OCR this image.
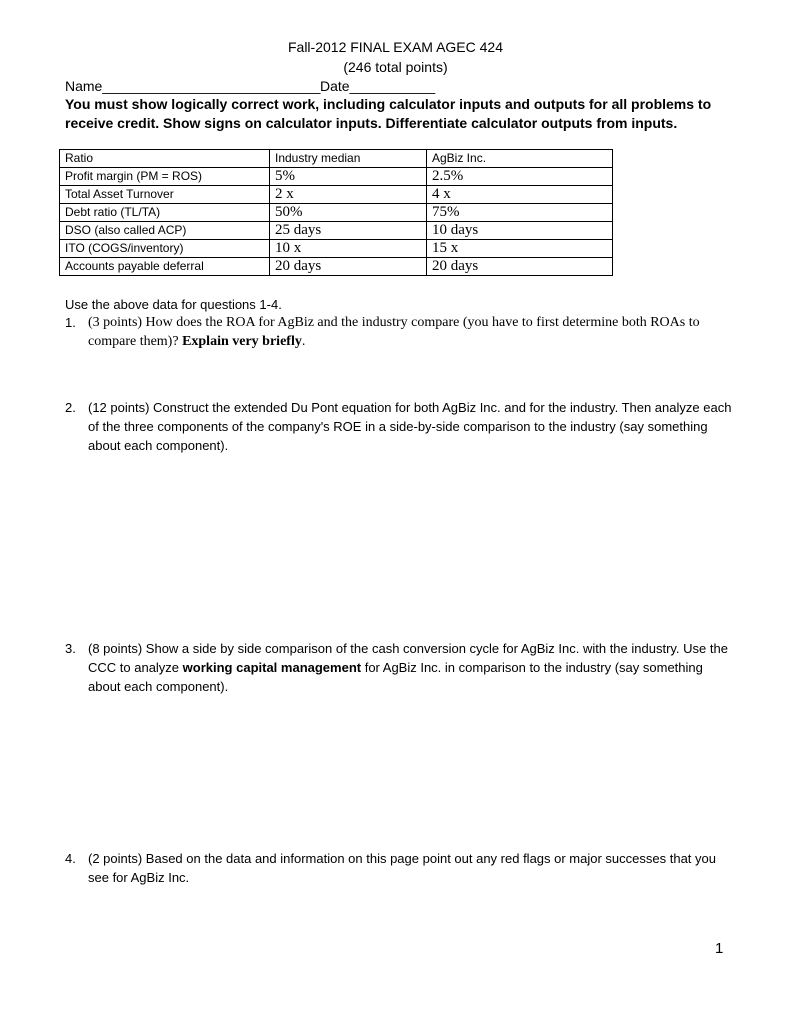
Fall-2012 FINAL EXAM AGEC 424
(246 total points)
Name____________________________ Date___________
You must show logically correct work, including calculator inputs and outputs for all problems to receive credit. Show signs on calculator inputs. Differentiate calculator outputs from inputs.
Ratio	Industry median	AgBiz Inc.
Profit margin (PM = ROS)	5%	2.5%
Total Asset Turnover	2 x	4 x
Debt ratio (TL/TA)	50%	75%
DSO (also called ACP)	25 days	10 days
ITO (COGS/inventory)	10 x	15 x
Accounts payable deferral	20 days	20 days
Use the above data for questions 1-4.
1. (3 points) How does the ROA for AgBiz and the industry compare (you have to first determine both ROAs to compare them)? Explain very briefly.
2. (12 points) Construct the extended Du Pont equation for both AgBiz Inc. and for the industry. Then analyze each of the three components of the company's ROE in a side-by-side comparison to the industry (say something about each component).
3. (8 points) Show a side by side comparison of the cash conversion cycle for AgBiz Inc. with the industry. Use the CCC to analyze working capital management for AgBiz Inc. in comparison to the industry (say something about each component).
4. (2 points) Based on the data and information on this page point out any red flags or major successes that you see for AgBiz Inc.
1
